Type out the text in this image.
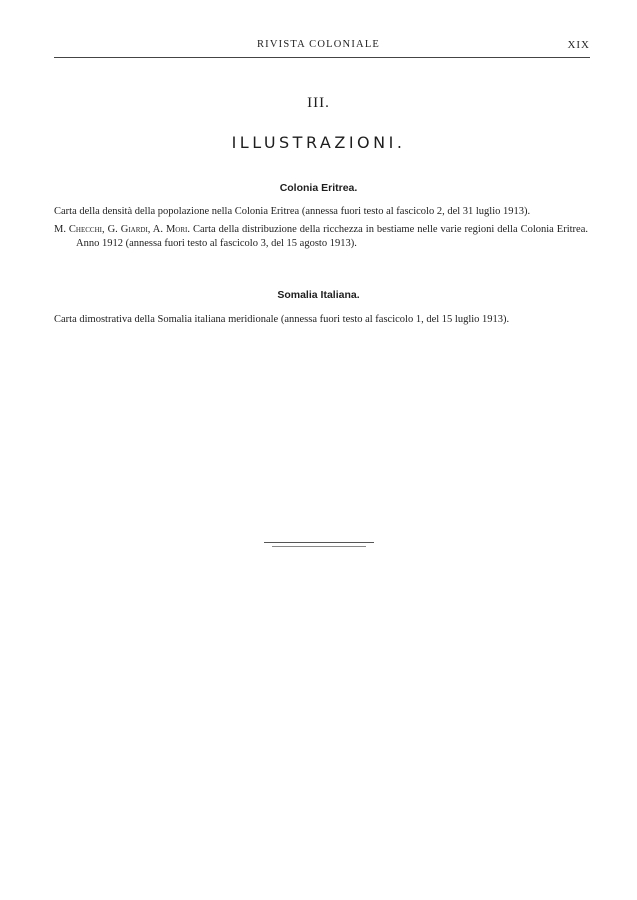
RIVISTA COLONIALE	XIX
III.
ILLUSTRAZIONI.
Colonia Eritrea.
Carta della densità della popolazione nella Colonia Eritrea (annessa fuori testo al fascicolo 2, del 31 luglio 1913).
M. Checchi, G. Giardi, A. Mori. Carta della distribuzione della ricchezza in bestiame nelle varie regioni della Colonia Eritrea. Anno 1912 (annessa fuori testo al fascicolo 3, del 15 agosto 1913).
Somalia Italiana.
Carta dimostrativa della Somalia italiana meridionale (annessa fuori testo al fascicolo 1, del 15 luglio 1913).
